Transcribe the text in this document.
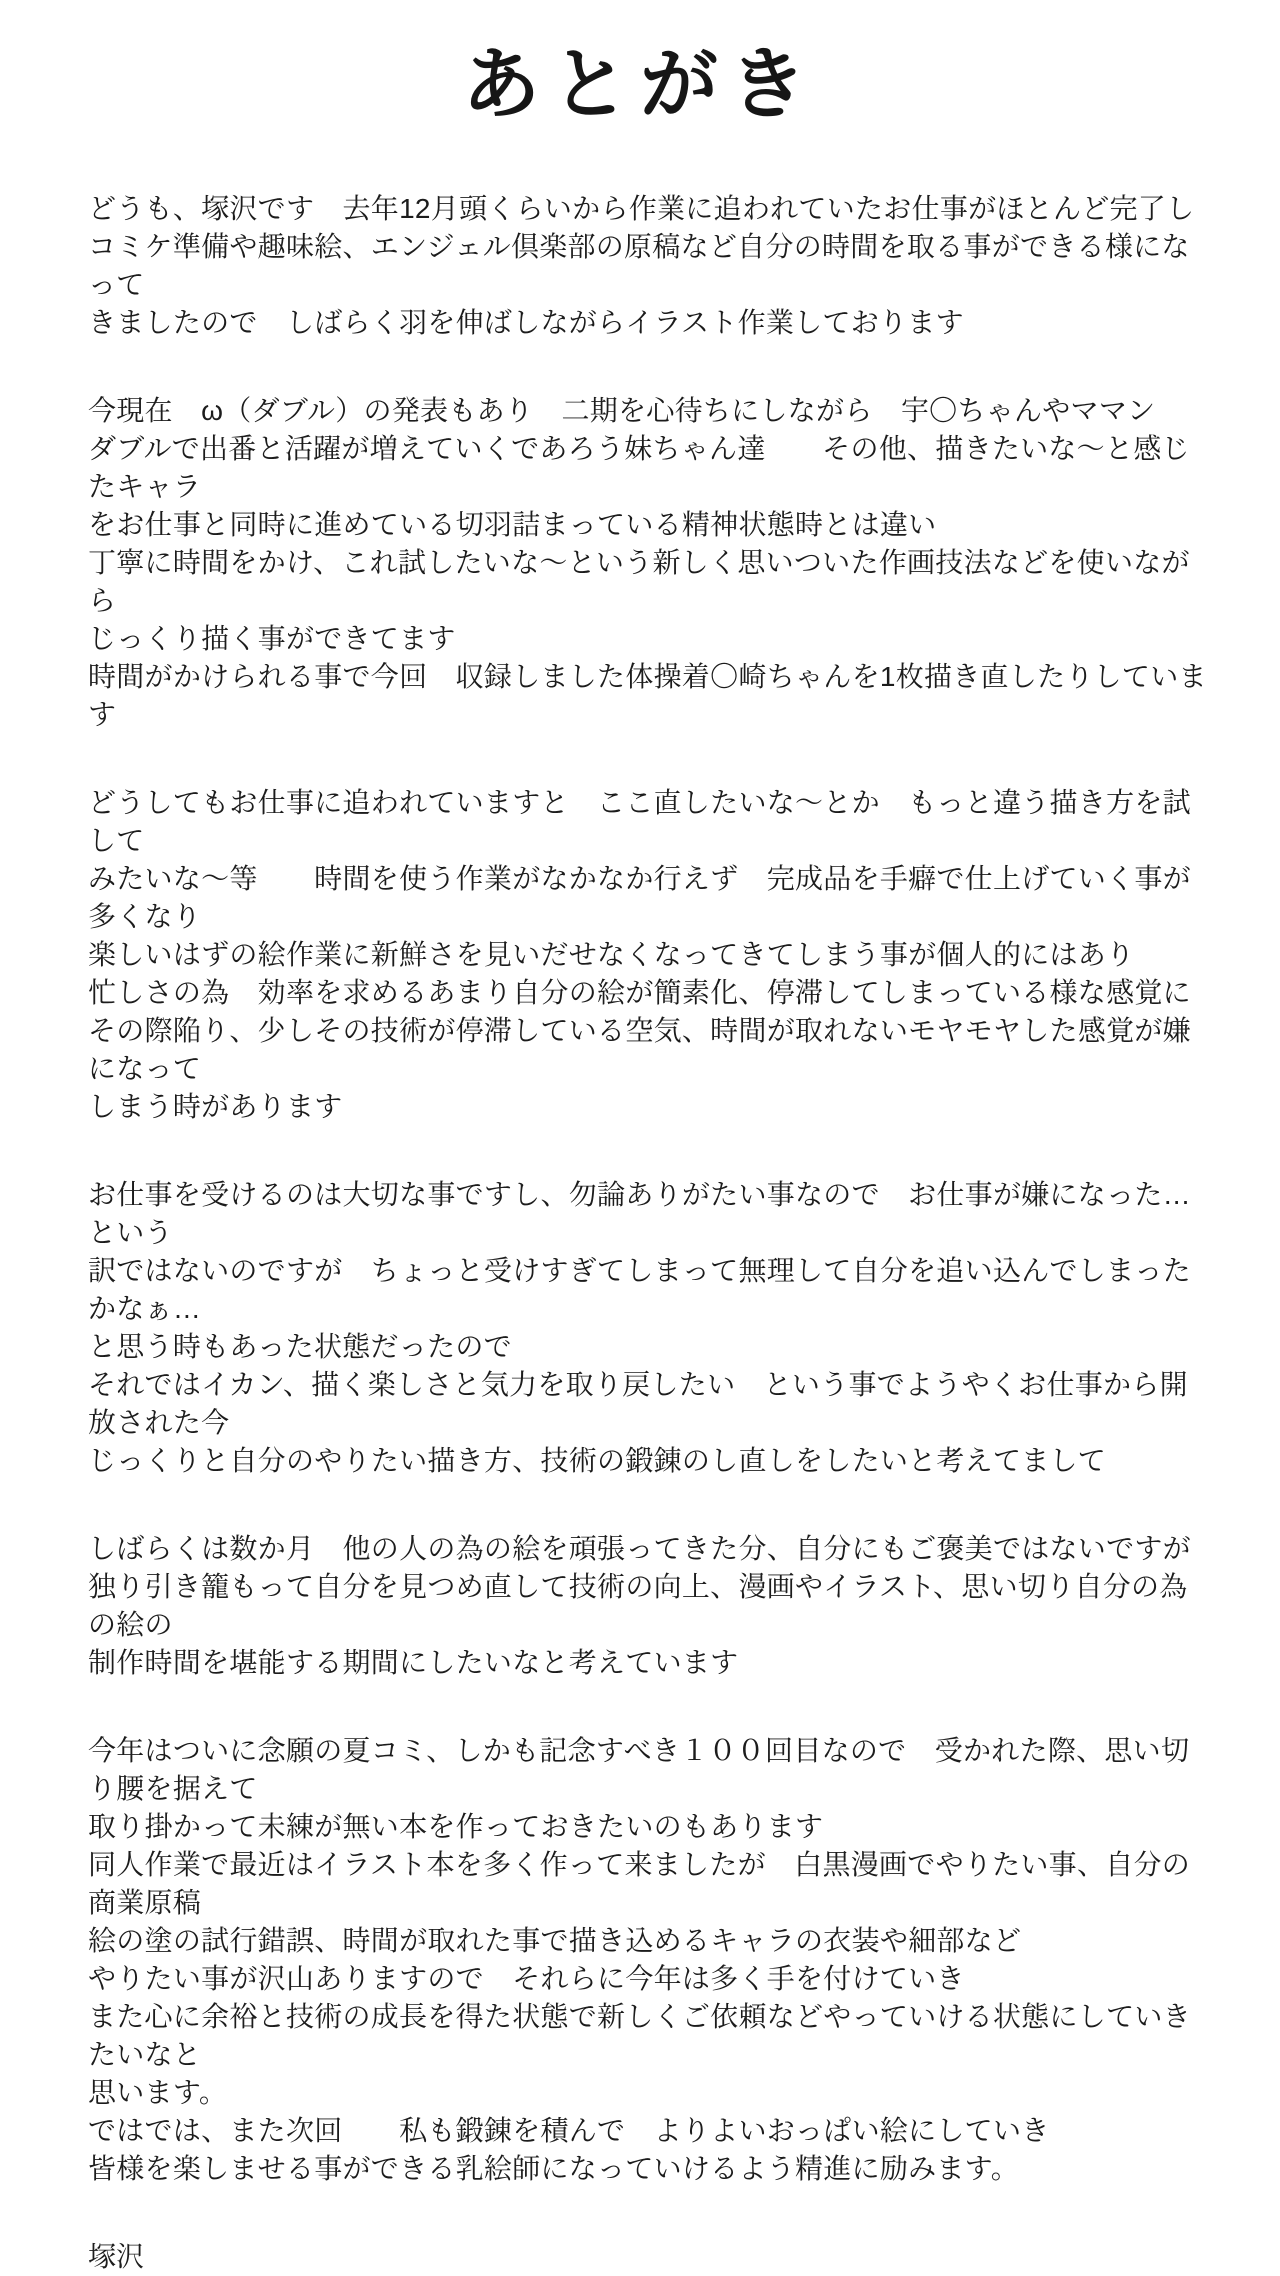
あとがき
どうも、塚沢です　去年12月頭くらいから作業に追われていたお仕事がほとんど完了し
コミケ準備や趣味絵、エンジェル倶楽部の原稿など自分の時間を取る事ができる様になって
きましたので　しばらく羽を伸ばしながらイラスト作業しております
今現在　ω（ダブル）の発表もあり　二期を心待ちにしながら　宇〇ちゃんやママン
ダブルで出番と活躍が増えていくであろう妹ちゃん達　　その他、描きたいな～と感じたキャラ
をお仕事と同時に進めている切羽詰まっている精神状態時とは違い
丁寧に時間をかけ、これ試したいな～という新しく思いついた作画技法などを使いながら
じっくり描く事ができてます
時間がかけられる事で今回　収録しました体操着〇崎ちゃんを1枚描き直したりしています
どうしてもお仕事に追われていますと　ここ直したいな～とか　もっと違う描き方を試して
みたいな～等　　時間を使う作業がなかなか行えず　完成品を手癖で仕上げていく事が多くなり
楽しいはずの絵作業に新鮮さを見いだせなくなってきてしまう事が個人的にはあり
忙しさの為　効率を求めるあまり自分の絵が簡素化、停滞してしまっている様な感覚に
その際陥り、少しその技術が停滞している空気、時間が取れないモヤモヤした感覚が嫌になって
しまう時があります
お仕事を受けるのは大切な事ですし、勿論ありがたい事なので　お仕事が嫌になった…という
訳ではないのですが　ちょっと受けすぎてしまって無理して自分を追い込んでしまったかなぁ…
と思う時もあった状態だったので
それではイカン、描く楽しさと気力を取り戻したい　という事でようやくお仕事から開放された今
じっくりと自分のやりたい描き方、技術の鍛錬のし直しをしたいと考えてまして
しばらくは数か月　他の人の為の絵を頑張ってきた分、自分にもご褒美ではないですが
独り引き籠もって自分を見つめ直して技術の向上、漫画やイラスト、思い切り自分の為の絵の
制作時間を堪能する期間にしたいなと考えています
今年はついに念願の夏コミ、しかも記念すべき１００回目なので　受かれた際、思い切り腰を据えて
取り掛かって未練が無い本を作っておきたいのもあります
同人作業で最近はイラスト本を多く作って来ましたが　白黒漫画でやりたい事、自分の商業原稿
絵の塗の試行錯誤、時間が取れた事で描き込めるキャラの衣装や細部など
やりたい事が沢山ありますので　それらに今年は多く手を付けていき
また心に余裕と技術の成長を得た状態で新しくご依頼などやっていける状態にしていきたいなと
思います。
ではでは、また次回　　私も鍛錬を積んで　よりよいおっぱい絵にしていき
皆様を楽しませる事ができる乳絵師になっていけるよう精進に励みます。
塚沢
